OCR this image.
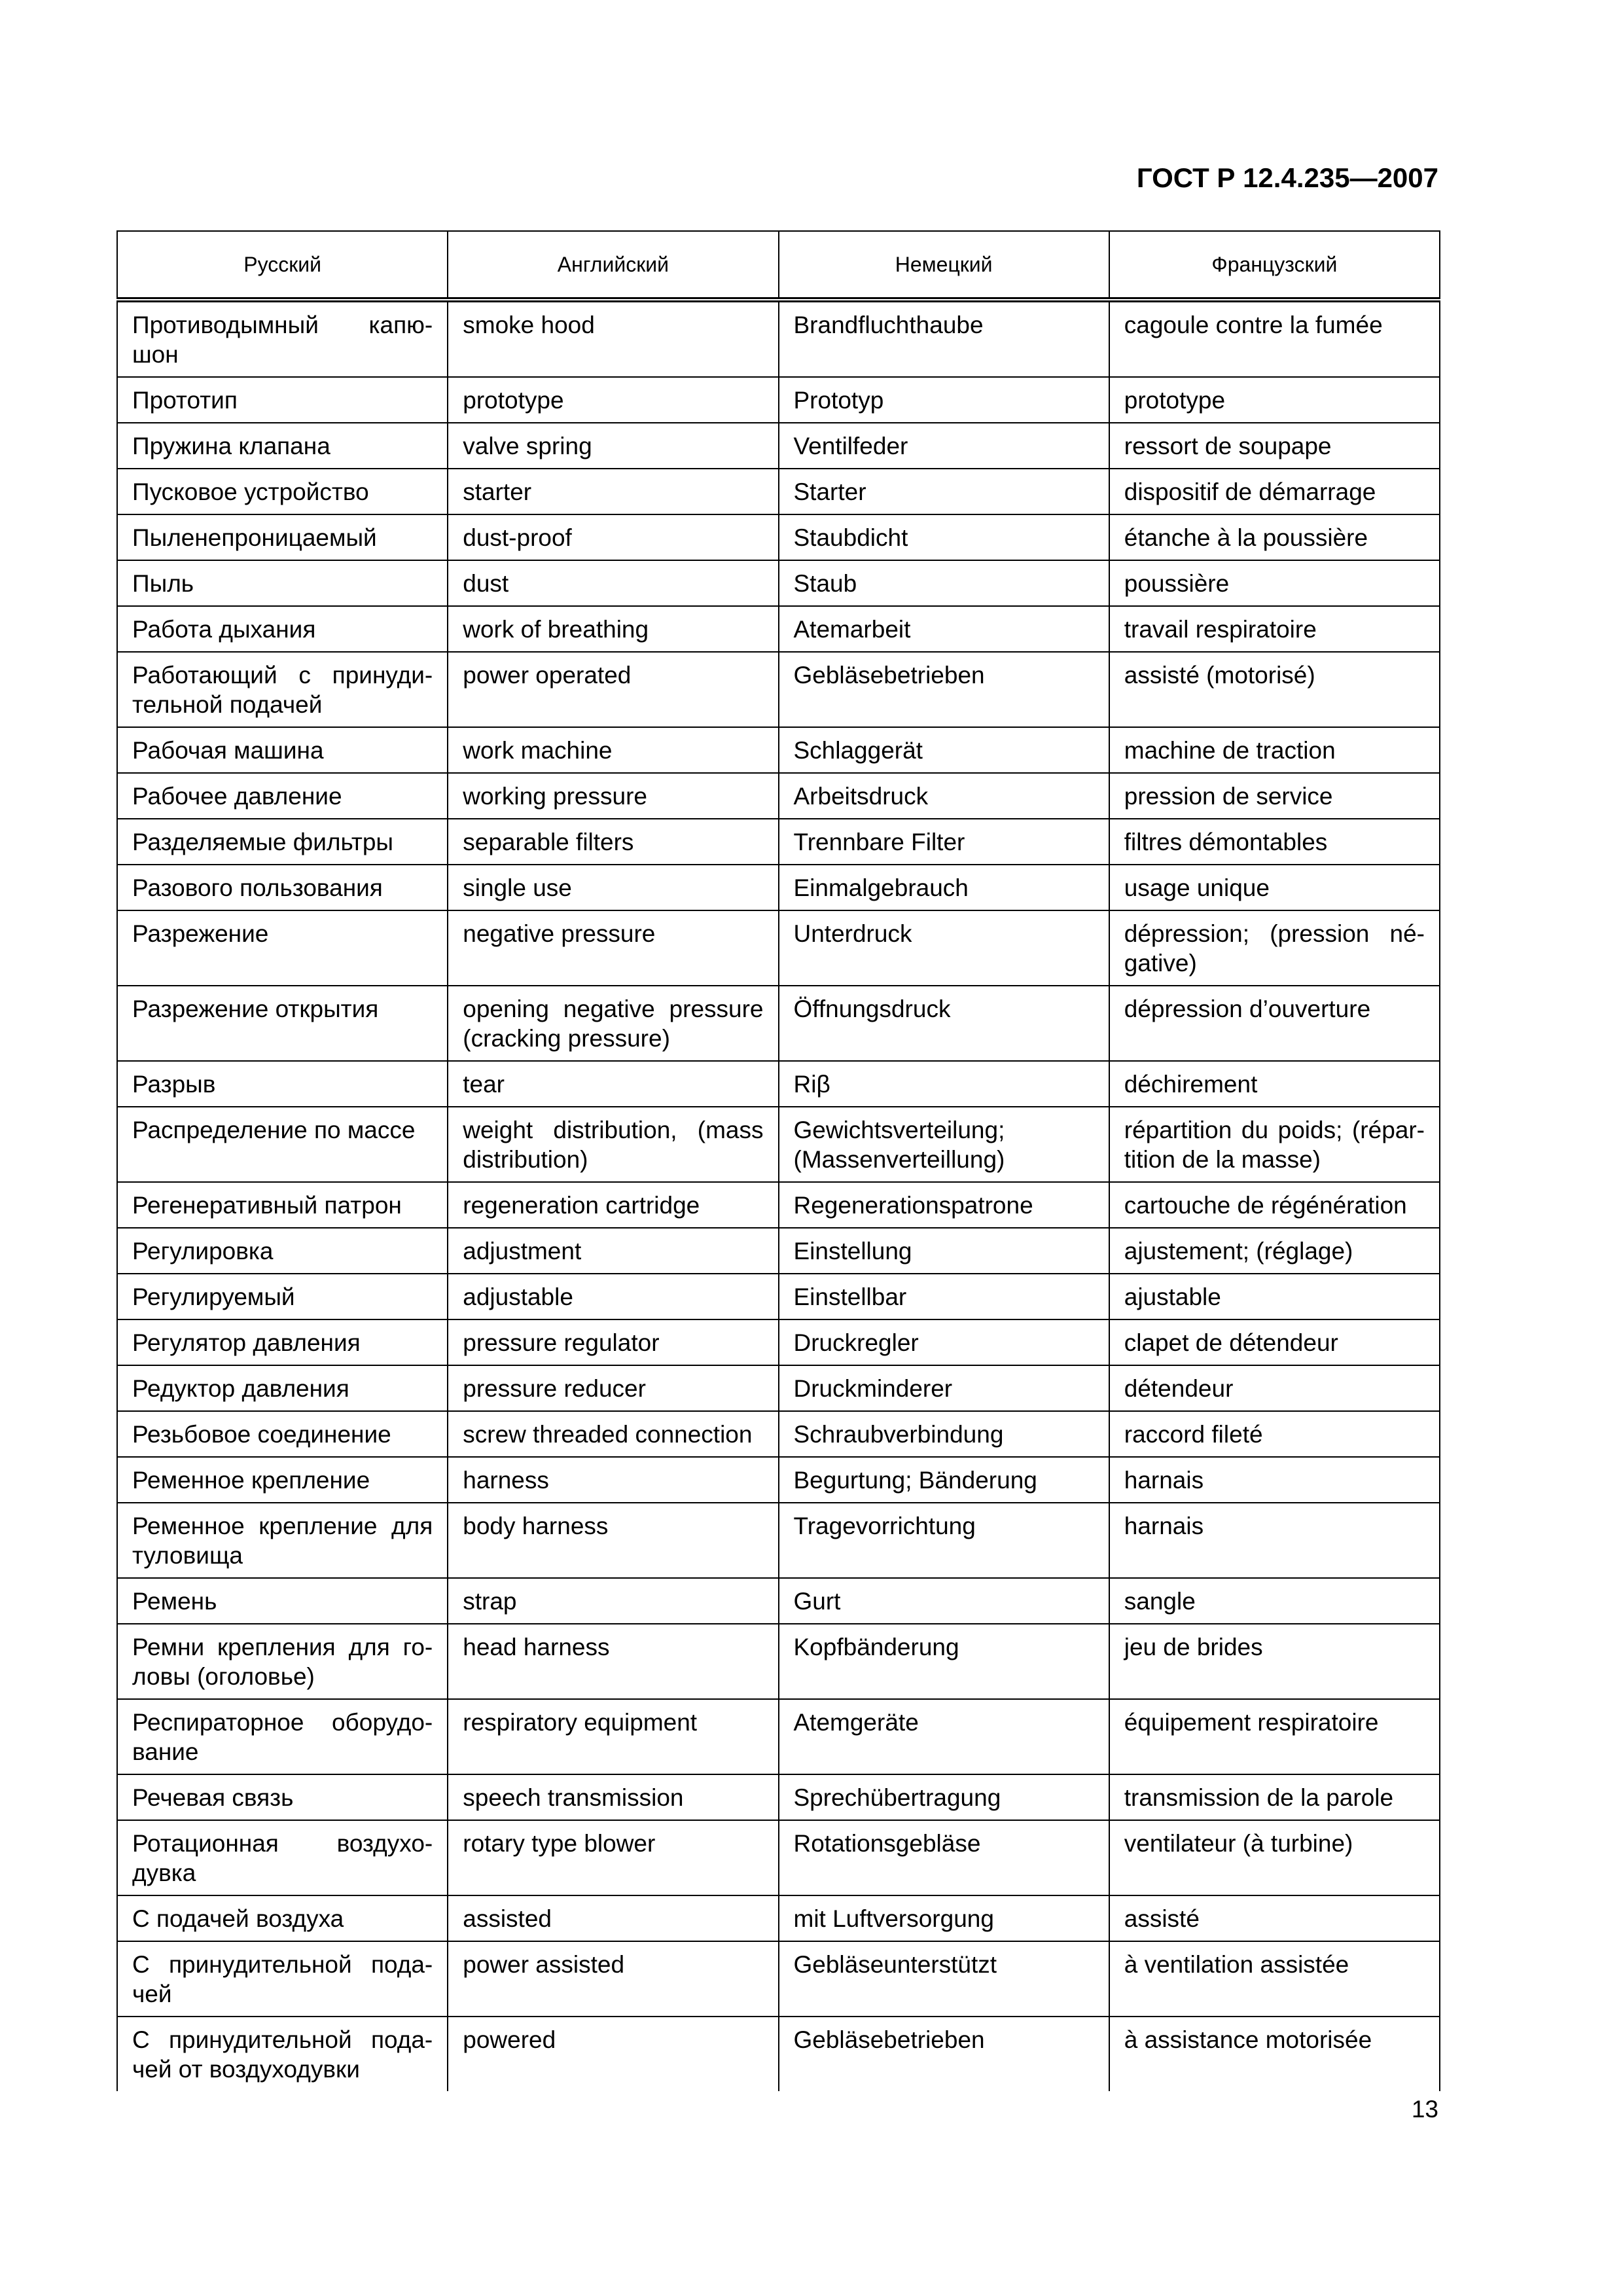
ГОСТ Р 12.4.235—2007
Русский	Английский	Немецкий	Французский
Противодымный капю-шон	smoke hood	Brandfluchthaube	cagoule contre la fumée
Прототип	prototype	Prototyp	prototype
Пружина клапана	valve spring	Ventilfeder	ressort de soupape
Пусковое устройство	starter	Starter	dispositif de démarrage
Пыленепроницаемый	dust-proof	Staubdicht	étanche à la poussière
Пыль	dust	Staub	poussière
Работа дыхания	work of breathing	Atemarbeit	travail respiratoire
Работающий с принуди-тельной подачей	power operated	Gebläsebetrieben	assisté (motorisé)
Рабочая машина	work machine	Schlaggerät	machine de traction
Рабочее давление	working pressure	Arbeitsdruck	pression de service
Разделяемые фильтры	separable filters	Trennbare Filter	filtres démontables
Разового пользования	single use	Einmalgebrauch	usage unique
Разрежение	negative pressure	Unterdruck	dépression; (pression né-gative)
Разрежение открытия	opening negative pressure (cracking pressure)	Öffnungsdruck	dépression d’ouverture
Разрыв	tear	Riβ	déchirement
Распределение по массе	weight distribution, (mass distribution)	Gewichtsverteilung; (Massenverteillung)	répartition du poids; (répar-tition de la masse)
Регенеративный патрон	regeneration cartridge	Regenerationspatrone	cartouche de régénération
Регулировка	adjustment	Einstellung	ajustement; (réglage)
Регулируемый	adjustable	Einstellbar	ajustable
Регулятор давления	pressure regulator	Druckregler	clapet de détendeur
Редуктор давления	pressure reducer	Druckminderer	détendeur
Резьбовое соединение	screw threaded connection	Schraubverbindung	raccord fileté
Ременное крепление	harness	Begurtung; Bänderung	harnais
Ременное крепление для туловища	body harness	Tragevorrichtung	harnais
Ремень	strap	Gurt	sangle
Ремни крепления для го-ловы (оголовье)	head harness	Kopfbänderung	jeu de brides
Респираторное оборудо-вание	respiratory equipment	Atemgeräte	équipement respiratoire
Речевая связь	speech transmission	Sprechübertragung	transmission de la parole
Ротационная воздухо-дувка	rotary type blower	Rotationsgebläse	ventilateur (à turbine)
С подачей воздуха	assisted	mit Luftversorgung	assisté
С принудительной пода-чей	power assisted	Gebläseunterstützt	à ventilation assistée
С принудительной пода-чей от воздуходувки	powered	Gebläsebetrieben	à assistance motorisée
13
